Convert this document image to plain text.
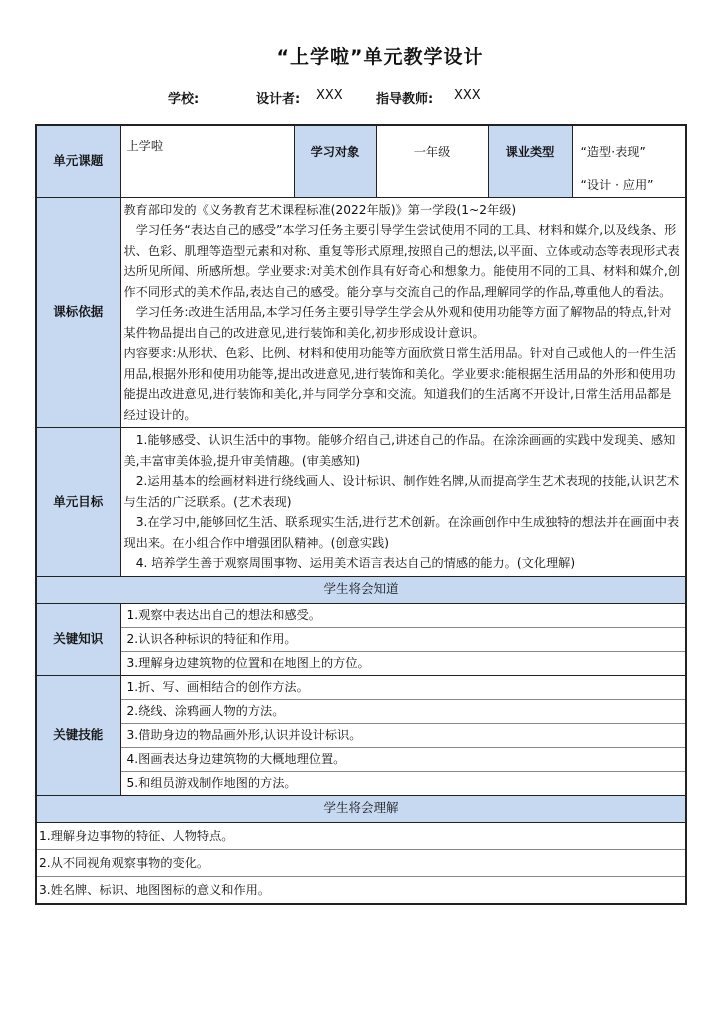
“上学啦”单元教学设计
学校:	设计者: XXX	指导教师: XXX
单元课题	上学啦	学习对象	一年级	课业类型	“造型·表现”
“设计 · 应用”

课标依据	教育部印发的《义务教育艺术课程标准(2022年版)》第一学段(1~2年级)

学习任务“表达自己的感受”本学习任务主要引导学生尝试使用不同的工具、材料和媒介,以及线条、形状、色彩、肌理等造型元素和对称、重复等形式原理,按照自己的想法,以平面、立体或动态等表现形式表达所见所闻、所感所想。学业要求:对美术创作具有好奇心和想象力。能使用不同的工具、材料和媒介,创作不同形式的美术作品,表达自己的感受。能分享与交流自己的作品,理解同学的作品,尊重他人的看法。

学习任务:改进生活用品,本学习任务主要引导学生学会从外观和使用功能等方面了解物品的特点,针对某件物品提出自己的改进意见,进行装饰和美化,初步形成设计意识。

内容要求:从形状、色彩、比例、材料和使用功能等方面欣赏日常生活用品。针对自己或他人的一件生活用品,根据外形和使用功能等,提出改进意见,进行装饰和美化。学业要求:能根据生活用品的外形和使用功能提出改进意见,进行装饰和美化,并与同学分享和交流。知道我们的生活离不开设计,日常生活用品都是经过设计的。				

单元目标	1.能够感受、认识生活中的事物。能够介绍自己,讲述自己的作品。在涂涂画画的实践中发现美、感知美,丰富审美体验,提升审美情趣。(审美感知)

2.运用基本的绘画材料进行绕线画人、设计标识、制作姓名牌,从而提高学生艺术表现的技能,认识艺术与生活的广泛联系。(艺术表现)

3.在学习中,能够回忆生活、联系现实生活,进行艺术创新。在涂画创作中生成独特的想法并在画面中表现出来。在小组合作中增强团队精神。(创意实践)

4. 培养学生善于观察周围事物、运用美术语言表达自己的情感的能力。(文化理解)				

学生将会知道					
关键知识	1.观察中表达出自己的想法和感受。
2.认识各种标识的特征和作用。
3.理解身边建筑物的位置和在地图上的方位。				

关键技能	1.折、写、画相结合的创作方法。
2.绕线、涂鸦画人物的方法。
3.借助身边的物品画外形,认识并设计标识。
4.图画表达身边建筑物的大概地理位置。
5.和组员游戏制作地图的方法。				

学生将会理解					

1.理解身边事物的特征、人物特点。
2.从不同视角观察事物的变化。
3.姓名牌、标识、地图图标的意义和作用。					
